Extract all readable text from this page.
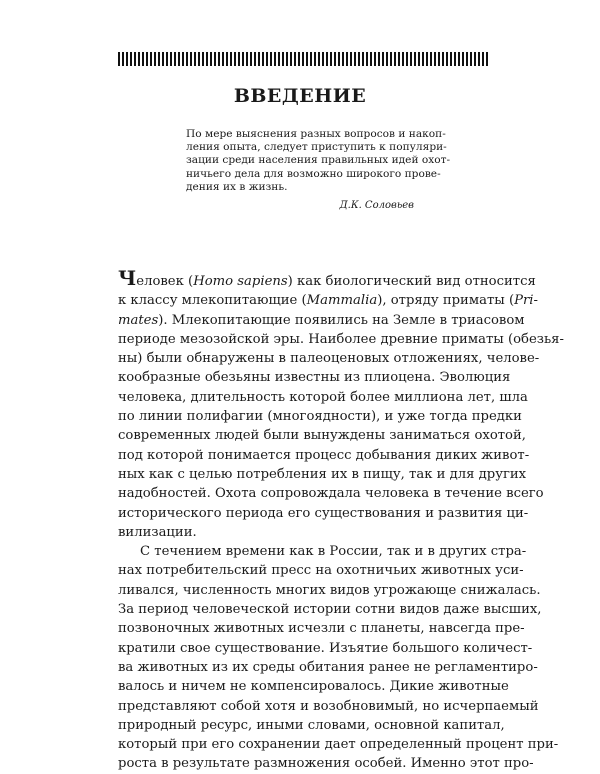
ВВЕДЕНИЕ
По мере выяснения разных вопросов и накоп-
ления опыта, следует приступить к популяри-
зации среди населения правильных идей охот-
ничьего дела для возможно широкого прове-
дения их в жизнь.
Д.К. Соловьев

Человек (Homo sapiens) как биологический вид относится
к классу млекопитающие (Mammalia), отряду приматы (Pri-
mates). Млекопитающие появились на Земле в триасовом
периоде мезозойской эры. Наиболее древние приматы (обезья-
ны) были обнаружены в палеоценовых отложениях, челове-
кообразные обезьяны известны из плиоцена. Эволюция
человека, длительность которой более миллиона лет, шла
по линии полифагии (многоядности), и уже тогда предки
современных людей были вынуждены заниматься охотой,
под которой понимается процесс добывания диких живот-
ных как с целью потребления их в пищу, так и для других
надобностей. Охота сопровождала человека в течение всего
исторического периода его существования и развития ци-
вилизации.

С течением времени как в России, так и в других стра-
нах потребительский пресс на охотничьих животных уси-
ливался, численность многих видов угрожающе снижалась.
За период человеческой истории сотни видов даже высших,
позвоночных животных исчезли с планеты, навсегда пре-
кратили свое существование. Изъятие большого количест-
ва животных из их среды обитания ранее не регламентиро-
валось и ничем не компенсировалось. Дикие животные
представляют собой хотя и возобновимый, но исчерпаемый
природный ресурс, иными словами, основной капитал,
который при его сохранении дает определенный процент при-
роста в результате размножения особей. Именно этот про-
